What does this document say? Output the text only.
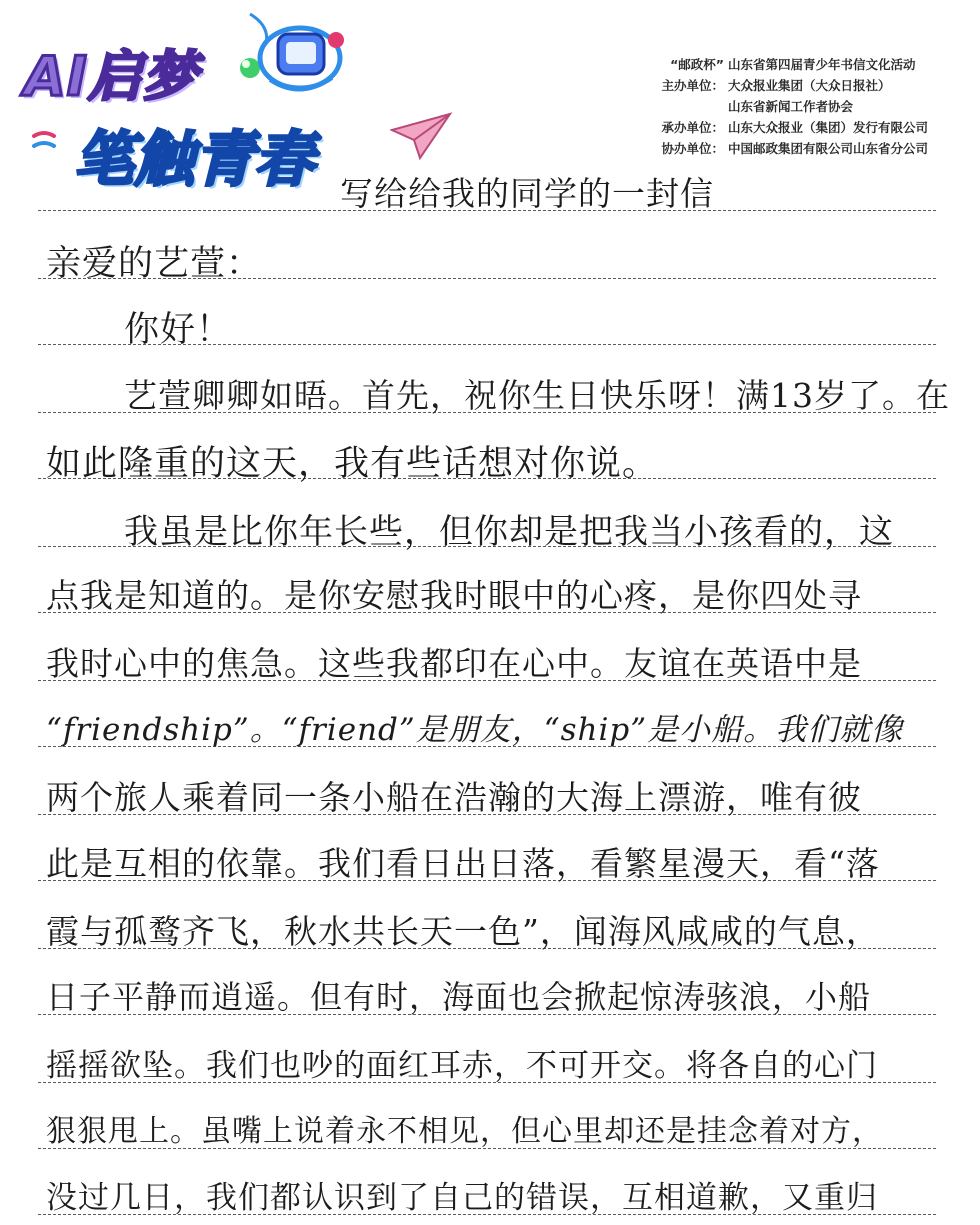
AI启梦
笔触青春
“邮政杯” 山东省第四届青少年书信文化活动
主办单位： 大众报业集团（大众日报社）
山东省新闻工作者协会
承办单位： 山东大众报业（集团）发行有限公司
协办单位： 中国邮政集团有限公司山东省分公司
写给给我的同学的一封信
亲爱的艺萱：
你好！
艺萱卿卿如晤。首先，祝你生日快乐呀！满13岁了。在
如此隆重的这天，我有些话想对你说。
我虽是比你年长些，但你却是把我当小孩看的，这
点我是知道的。是你安慰我时眼中的心疼，是你四处寻
我时心中的焦急。这些我都印在心中。友谊在英语中是
“friendship”。“friend”是朋友，“ship”是小船。我们就像
两个旅人乘着同一条小船在浩瀚的大海上漂游，唯有彼
此是互相的依靠。我们看日出日落，看繁星漫天，看“落
霞与孤鹜齐飞，秋水共长天一色”，闻海风咸咸的气息，
日子平静而逍遥。但有时，海面也会掀起惊涛骇浪，小船
摇摇欲坠。我们也吵的面红耳赤，不可开交。将各自的心门
狠狠甩上。虽嘴上说着永不相见，但心里却还是挂念着对方，
没过几日，我们都认识到了自己的错误，互相道歉，又重归
